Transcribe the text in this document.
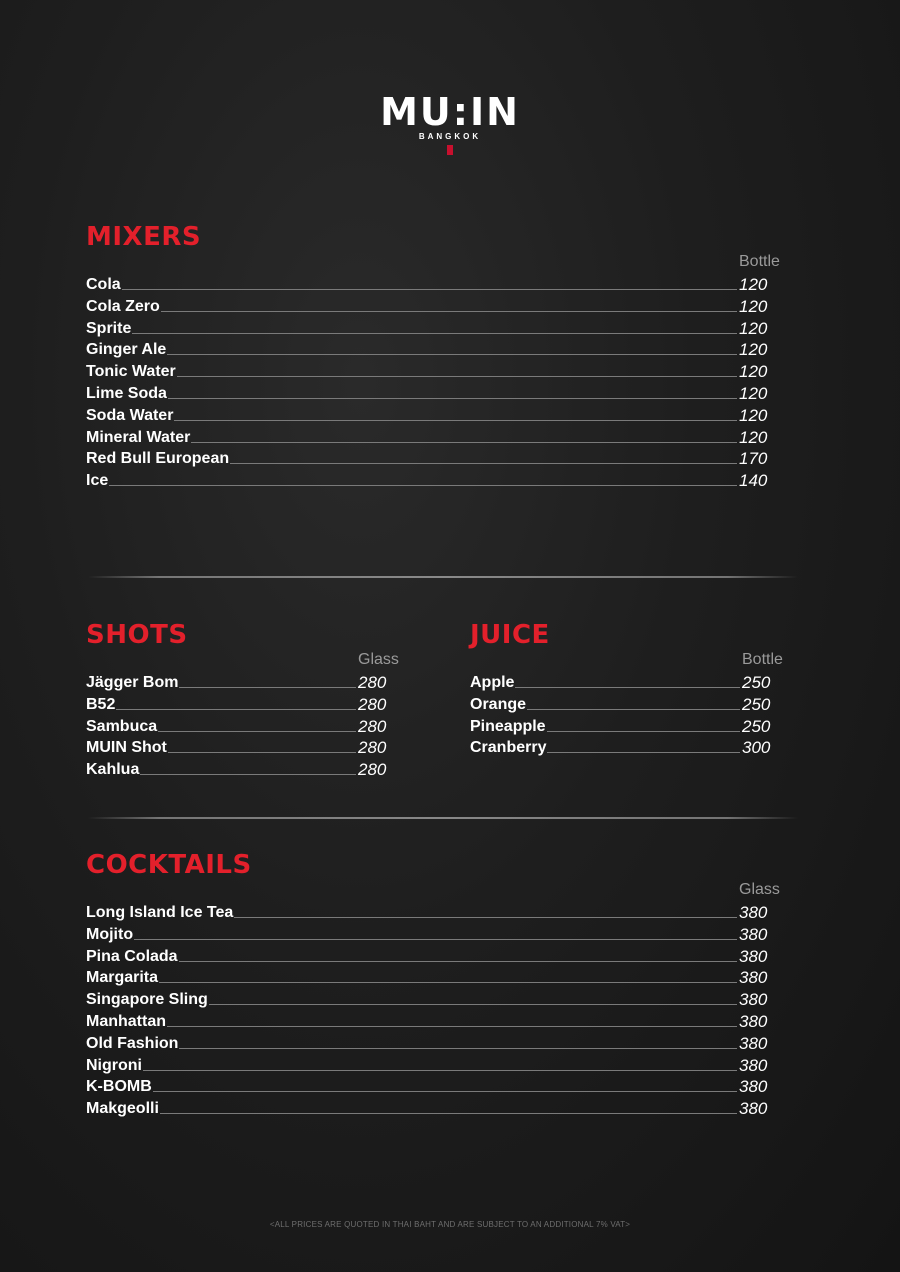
MU:IN
BANGKOK
MIXERS
Bottle
Cola	120
Cola Zero	120
Sprite	120
Ginger Ale	120
Tonic Water	120
Lime Soda	120
Soda Water	120
Mineral Water	120
Red Bull European	170
Ice	140
SHOTS
Glass
Jägger Bom	280
B52	280
Sambuca	280
MUIN Shot	280
Kahlua	280
JUICE
Bottle
Apple	250
Orange	250
Pineapple	250
Cranberry	300
COCKTAILS
Glass
Long Island Ice Tea	380
Mojito	380
Pina Colada	380
Margarita	380
Singapore Sling	380
Manhattan	380
Old Fashion	380
Nigroni	380
K-BOMB	380
Makgeolli	380
<ALL PRICES ARE QUOTED IN THAI BAHT AND ARE SUBJECT TO AN ADDITIONAL 7% VAT>
